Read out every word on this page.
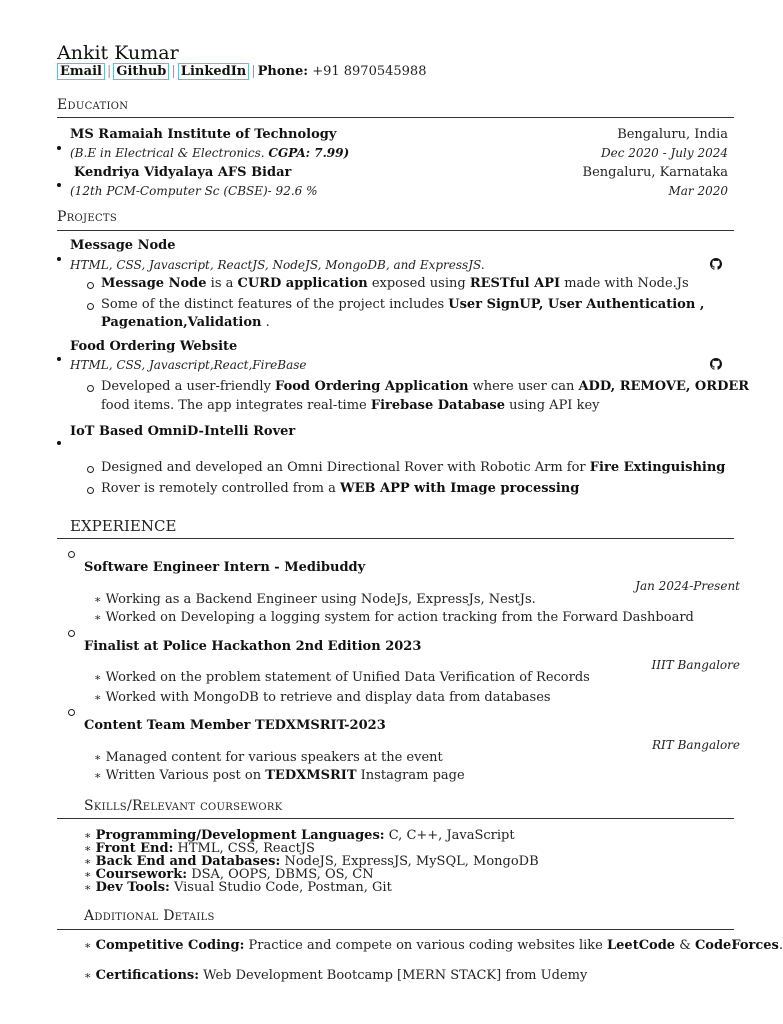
Ankit Kumar
Email | Github | LinkedIn | Phone: +91 8970545988
Education
MS Ramaiah Institute of Technology	Bengaluru, India
(B.E in Electrical & Electronics. CGPA: 7.99)	Dec 2020 - July 2024
Kendriya Vidyalaya AFS Bidar	Bengaluru, Karnataka
(12th PCM-Computer Sc (CBSE)- 92.6 %	Mar 2020
Projects
Message Node
HTML, CSS, Javascript, ReactJS, NodeJS, MongoDB, and ExpressJS.
Message Node is a CURD application exposed using RESTful API made with Node.Js
Some of the distinct features of the project includes User SignUP, User Authentication ,
Pagenation,Validation .
Food Ordering Website
HTML, CSS, Javascript,React,FireBase
Developed a user-friendly Food Ordering Application where user can ADD, REMOVE, ORDER
food items. The app integrates real-time Firebase Database using API key
IoT Based OmniD-Intelli Rover
Designed and developed an Omni Directional Rover with Robotic Arm for Fire Extinguishing
Rover is remotely controlled from a WEB APP with Image processing
EXPERIENCE
Software Engineer Intern - Medibuddy
Jan 2024-Present
∗ Working as a Backend Engineer using NodeJs, ExpressJs, NestJs.
∗ Worked on Developing a logging system for action tracking from the Forward Dashboard
Finalist at Police Hackathon 2nd Edition 2023
IIIT Bangalore
∗ Worked on the problem statement of Unified Data Verification of Records
∗ Worked with MongoDB to retrieve and display data from databases
Content Team Member TEDXMSRIT-2023
RIT Bangalore
∗ Managed content for various speakers at the event
∗ Written Various post on TEDXMSRIT Instagram page
Skills/Relevant coursework
∗ Programming/Development Languages: C, C++, JavaScript
∗ Front End: HTML, CSS, ReactJS
∗ Back End and Databases: NodeJS, ExpressJS, MySQL, MongoDB
∗ Coursework: DSA, OOPS, DBMS, OS, CN
∗ Dev Tools: Visual Studio Code, Postman, Git
Additional Details
∗ Competitive Coding: Practice and compete on various coding websites like LeetCode & CodeForces.
∗ Certifications: Web Development Bootcamp [MERN STACK] from Udemy
